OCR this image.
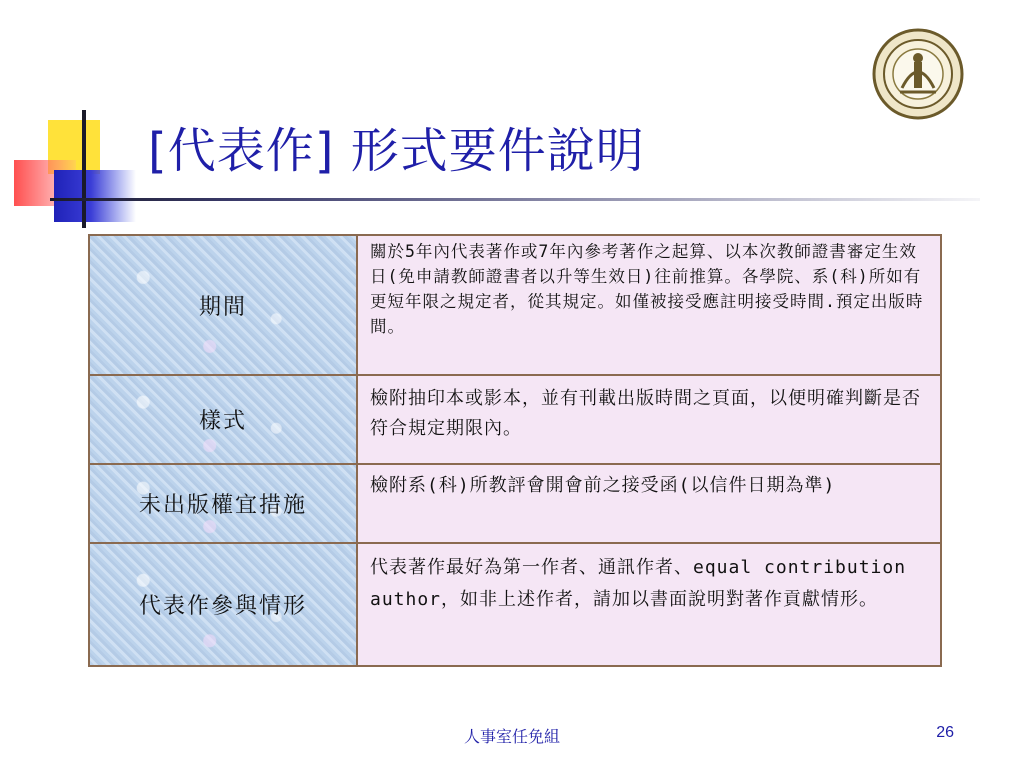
[代表作] 形式要件說明
期間	關於5年內代表著作或7年內參考著作之起算、以本次教師證書審定生效日(免申請教師證書者以升等生效日)往前推算。各學院、系(科)所如有更短年限之規定者，從其規定。如僅被接受應註明接受時間.預定出版時間。
樣式	檢附抽印本或影本，並有刊載出版時間之頁面，以便明確判斷是否符合規定期限內。
未出版權宜措施	檢附系(科)所教評會開會前之接受函(以信件日期為準)
代表作參與情形	代表著作最好為第一作者、通訊作者、equal contribution author，如非上述作者，請加以書面說明對著作貢獻情形。
人事室任免組	26
